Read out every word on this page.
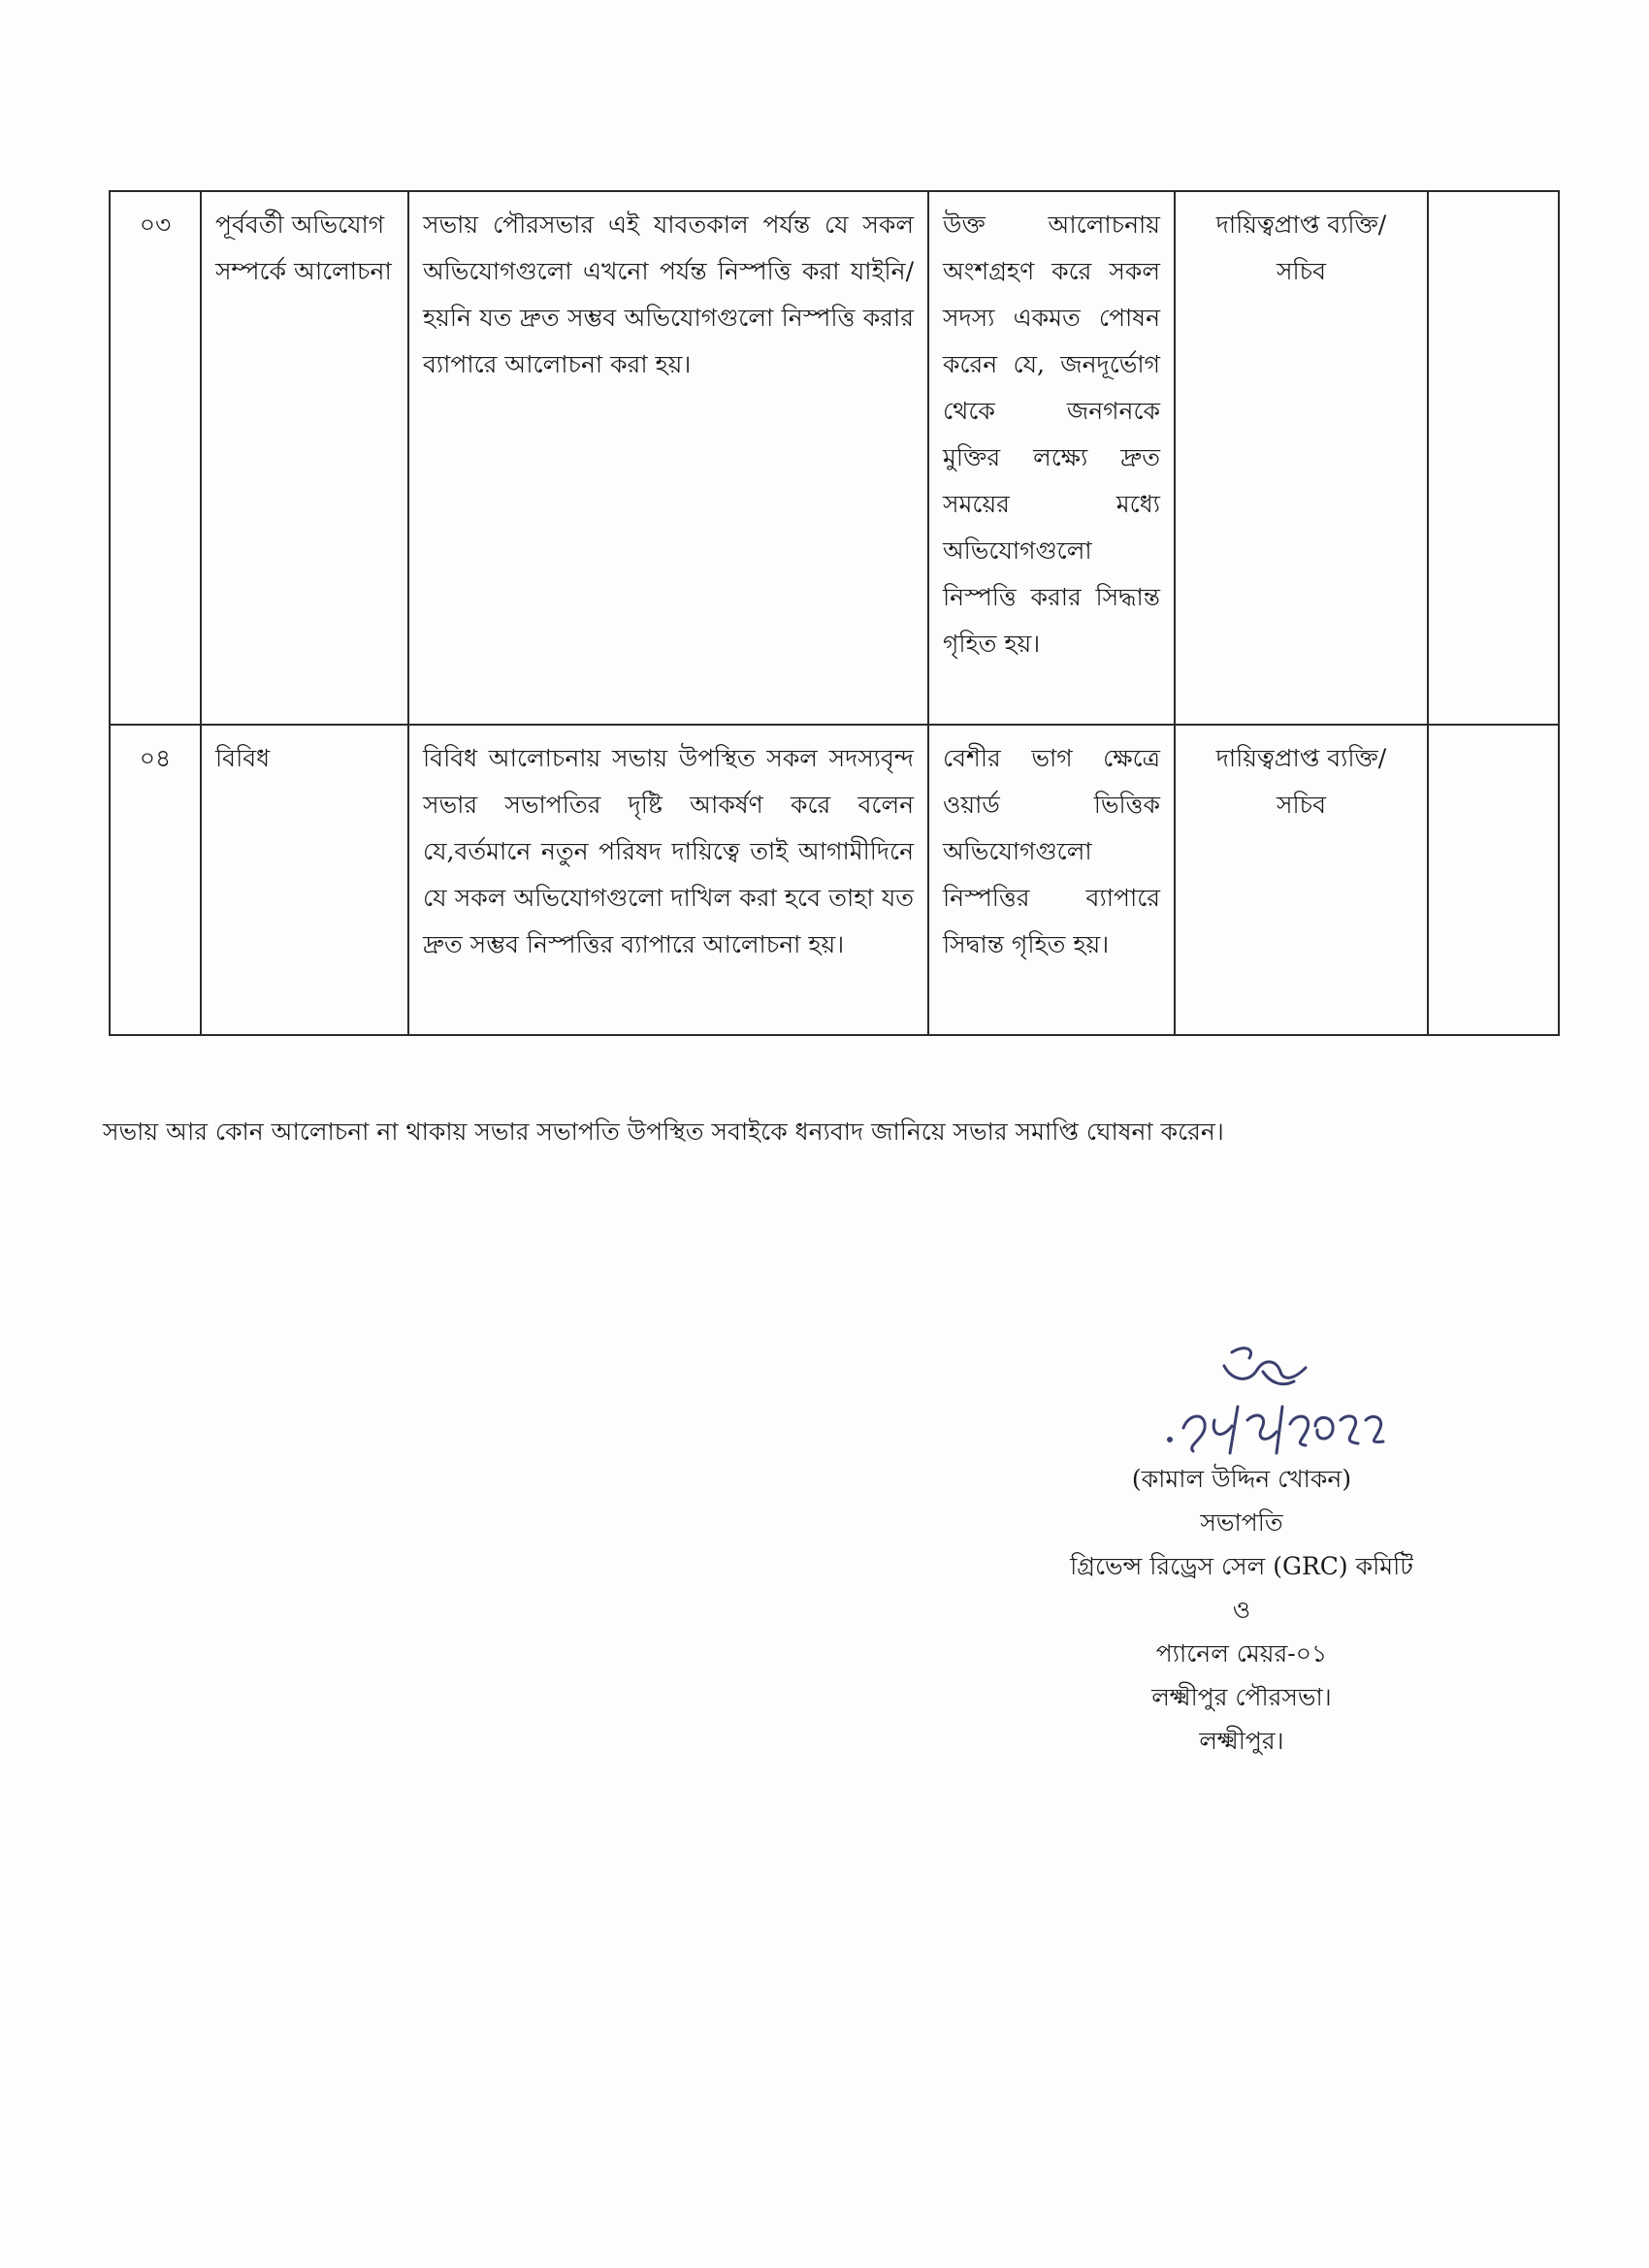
০৩	পূর্ববর্তী অভিযোগ সম্পর্কে আলোচনা	সভায় পৌরসভার এই যাবতকাল পর্যন্ত যে সকল অভিযোগগুলো এখনো পর্যন্ত নিস্পত্তি করা যাইনি/হয়নি যত দ্রুত সম্ভব অভিযোগগুলো নিস্পত্তি করার ব্যাপারে আলোচনা করা হয়।	উক্ত আলোচনায় অংশগ্রহণ করে সকল সদস্য একমত পোষন করেন যে, জনদূর্ভোগ থেকে জনগনকে মুক্তির লক্ষ্যে দ্রুত সময়ের মধ্যে অভিযোগগুলো নিস্পত্তি করার সিদ্ধান্ত গৃহিত হয়।	দায়িত্বপ্রাপ্ত ব্যক্তি/ সচিব	
০৪	বিবিধ	বিবিধ আলোচনায় সভায় উপস্থিত সকল সদস্যবৃন্দ সভার সভাপতির দৃষ্টি আকর্ষণ করে বলেন যে,বর্তমানে নতুন পরিষদ দায়িত্বে তাই আগামীদিনে যে সকল অভিযোগগুলো দাখিল করা হবে তাহা যত দ্রুত সম্ভব নিস্পত্তির ব্যাপারে আলোচনা হয়।	বেশীর ভাগ ক্ষেত্রে ওয়ার্ড ভিত্তিক অভিযোগগুলো নিস্পত্তির ব্যাপারে সিদ্বান্ত গৃহিত হয়।	দায়িত্বপ্রাপ্ত ব্যক্তি/ সচিব	
সভায় আর কোন আলোচনা না থাকায় সভার সভাপতি উপস্থিত সবাইকে ধন্যবাদ জানিয়ে সভার সমাপ্তি ঘোষনা করেন।
(কামাল উদ্দিন খোকন)
সভাপতি
গ্রিভেন্স রিড্রেস সেল (GRC) কমিটি
ও
প্যানেল মেয়র-০১
লক্ষ্মীপুর পৌরসভা।
লক্ষ্মীপুর।
